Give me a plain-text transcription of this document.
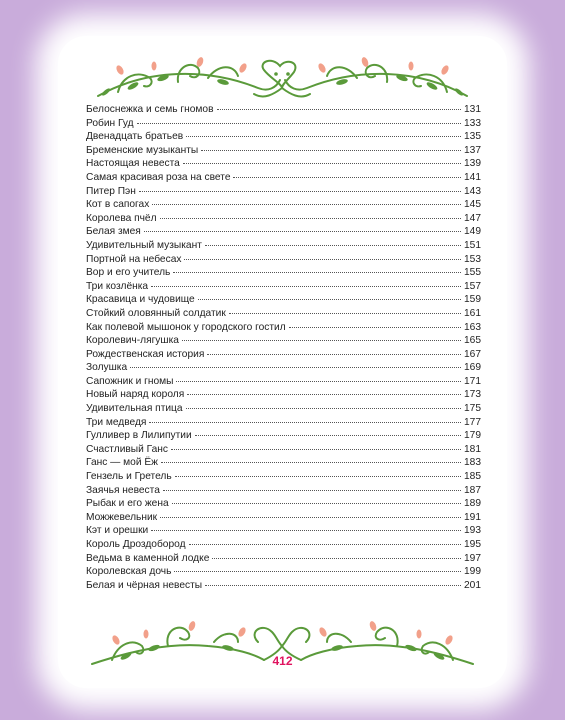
Белоснежка и семь гномов	131
Робин Гуд	133
Двенадцать братьев	135
Бременские музыканты	137
Настоящая невеста	139
Самая красивая роза на свете	141
Питер Пэн	143
Кот в сапогах	145
Королева пчёл	147
Белая змея	149
Удивительный музыкант	151
Портной на небесах	153
Вор и его учитель	155
Три козлёнка	157
Красавица и чудовище	159
Стойкий оловянный солдатик	161
Как полевой мышонок у городского гостил	163
Королевич-лягушка	165
Рождественская история	167
Золушка	169
Сапожник и гномы	171
Новый наряд короля	173
Удивительная птица	175
Три медведя	177
Гулливер в Лилипутии	179
Счастливый Ганс	181
Ганс — мой Ёж	183
Гензель и Гретель	185
Заячья невеста	187
Рыбак и его жена	189
Можжевельник	191
Кэт и орешки	193
Король Дроздобород	195
Ведьма в каменной лодке	197
Королевская дочь	199
Белая и чёрная невесты	201
412
